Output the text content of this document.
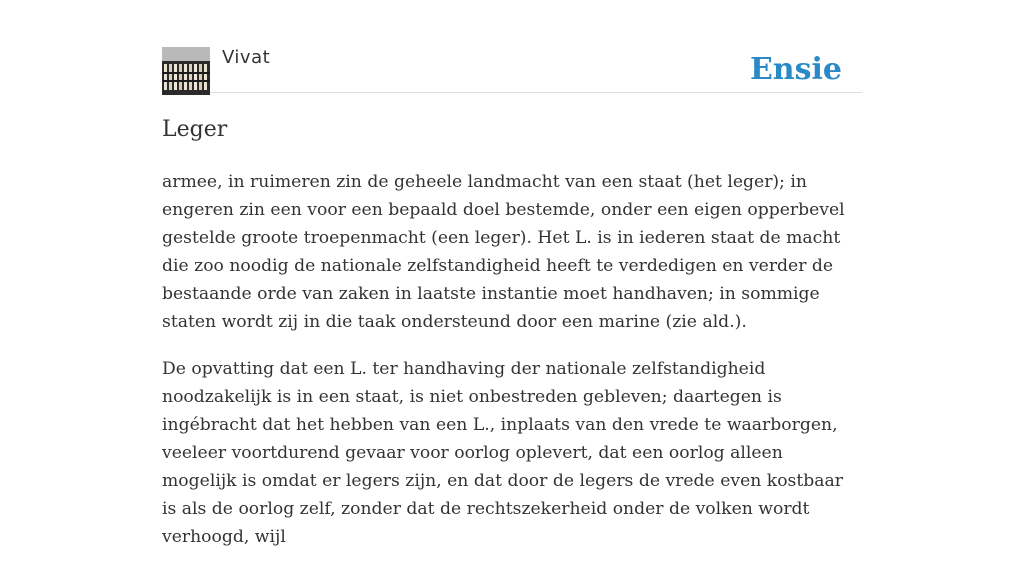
Vivat	Ensie
Leger

armee, in ruimeren zin de geheele landmacht van een staat (het leger); in engeren zin een voor een bepaald doel bestemde, onder een eigen opperbevel gestelde groote troepenmacht (een leger). Het L. is in iederen staat de macht die zoo noodig de nationale zelfstandigheid heeft te verdedigen en verder de bestaande orde van zaken in laatste instantie moet handhaven; in sommige staten wordt zij in die taak ondersteund door een marine (zie ald.).

De opvatting dat een L. ter handhaving der nationale zelfstandigheid noodzakelijk is in een staat, is niet onbestreden gebleven; daartegen is ingébracht dat het hebben van een L., inplaats van den vrede te waarborgen, veeleer voortdurend gevaar voor oorlog oplevert, dat een oorlog alleen mogelijk is omdat er legers zijn, en dat door de legers de vrede even kostbaar is als de oorlog zelf, zonder dat de rechtszekerheid onder de volken wordt verhoogd, wijl
